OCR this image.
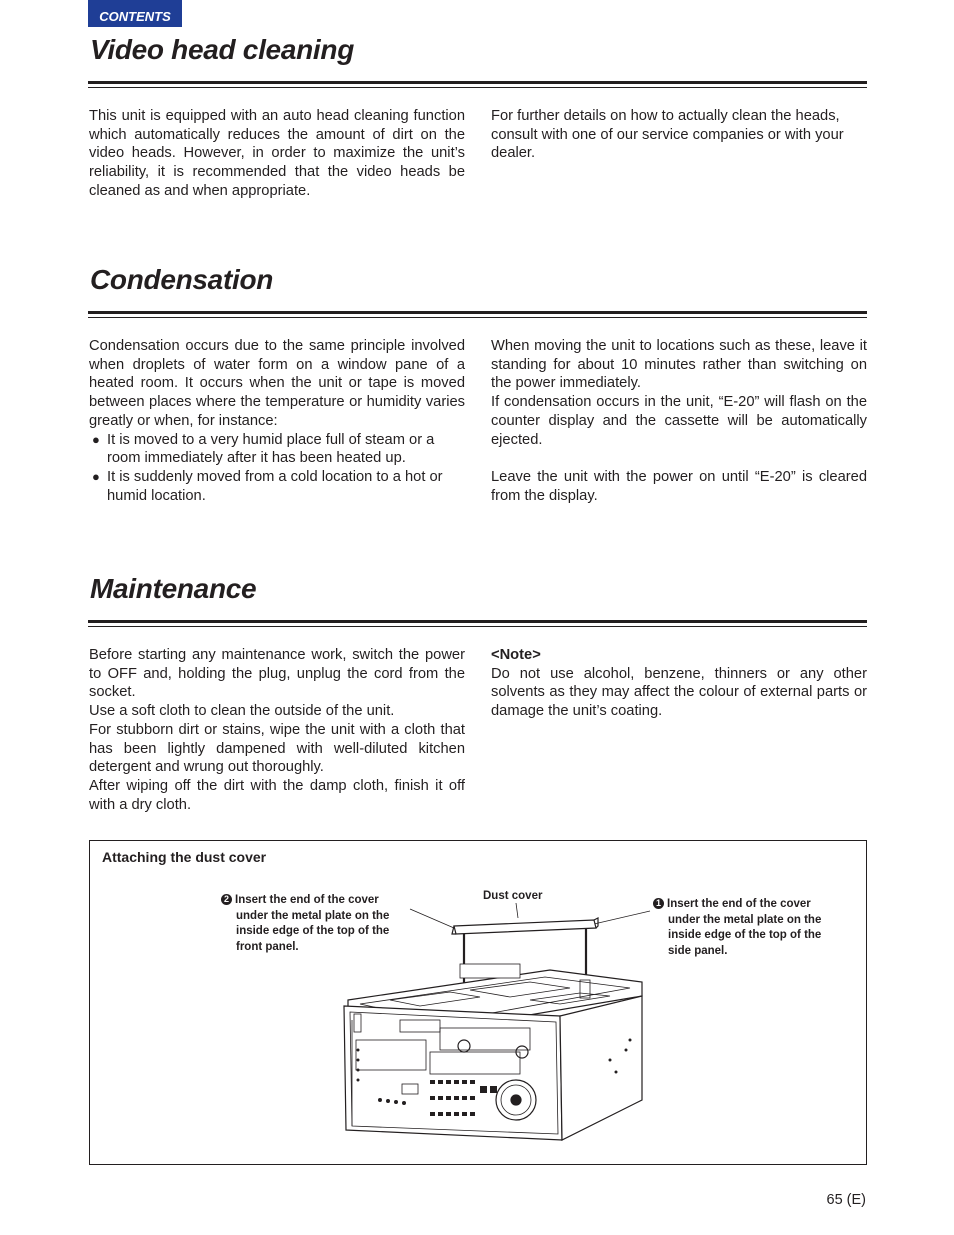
CONTENTS
Video head cleaning

This unit is equipped with an auto head cleaning function which automatically reduces the amount of dirt on the video heads. However, in order to maximize the unit’s reliability, it is recommended that the video heads be cleaned as and when appropriate.

For further details on how to actually clean the heads, consult with one of our service companies or with your dealer.

Condensation

Condensation occurs due to the same principle involved when droplets of water form on a window pane of a heated room. It occurs when the unit or tape is moved between places where the temperature or humidity varies greatly or when, for instance:

● It is moved to a very humid place full of steam or a room immediately after it has been heated up.

● It is suddenly moved from a cold location to a hot or humid location.

When moving the unit to locations such as these, leave it standing for about 10 minutes rather than switching on the power immediately.

If condensation occurs in the unit, “E-20” will flash on the counter display and the cassette will be automatically ejected.

Leave the unit with the power on until “E-20” is cleared from the display.

Maintenance

Before starting any maintenance work, switch the power to OFF and, holding the plug, unplug the cord from the socket.

Use a soft cloth to clean the outside of the unit.

For stubborn dirt or stains, wipe the unit with a cloth that has been lightly dampened with well-diluted kitchen detergent and wrung out thoroughly.

After wiping off the dirt with the damp cloth, finish it off with a dry cloth.

<Note>

Do not use alcohol, benzene, thinners or any other solvents as they may affect the colour of external parts or damage the unit’s coating.

Attaching the dust cover
2 Insert the end of the cover
under the metal plate on the
inside edge of the top of the
front panel.
Dust cover
1 Insert the end of the cover
under the metal plate on the
inside edge of the top of the
side panel.
65 (E)
